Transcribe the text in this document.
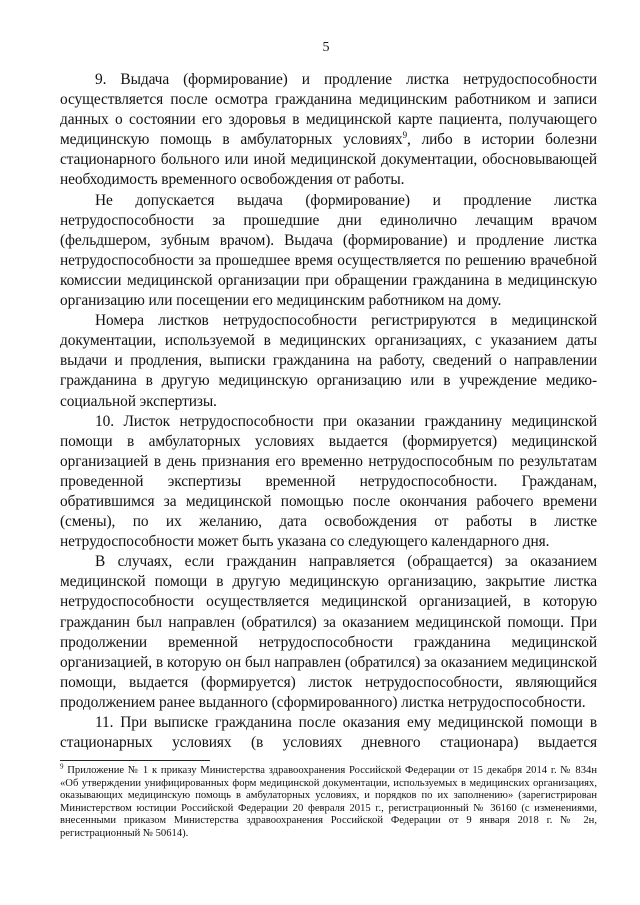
5

9. Выдача (формирование) и продление листка нетрудоспособности осуществляется после осмотра гражданина медицинским работником и записи данных о состоянии его здоровья в медицинской карте пациента, получающего медицинскую помощь в амбулаторных условиях$^9$, либо в истории болезни стационарного больного или иной медицинской документации, обосновывающей необходимость временного освобождения от работы.

Не допускается выдача (формирование) и продление листка нетрудоспособности за прошедшие дни единолично лечащим врачом (фельдшером, зубным врачом). Выдача (формирование) и продление листка нетрудоспособности за прошедшее время осуществляется по решению врачебной комиссии медицинской организации при обращении гражданина в медицинскую организацию или посещении его медицинским работником на дому.

Номера листков нетрудоспособности регистрируются в медицинской документации, используемой в медицинских организациях, с указанием даты выдачи и продления, выписки гражданина на работу, сведений о направлении гражданина в другую медицинскую организацию или в учреждение медико-социальной экспертизы.

10. Листок нетрудоспособности при оказании гражданину медицинской помощи в амбулаторных условиях выдается (формируется) медицинской организацией в день признания его временно нетрудоспособным по результатам проведенной экспертизы временной нетрудоспособности. Гражданам, обратившимся за медицинской помощью после окончания рабочего времени (смены), по их желанию, дата освобождения от работы в листке нетрудоспособности может быть указана со следующего календарного дня.

В случаях, если гражданин направляется (обращается) за оказанием медицинской помощи в другую медицинскую организацию, закрытие листка нетрудоспособности осуществляется медицинской организацией, в которую гражданин был направлен (обратился) за оказанием медицинской помощи. При продолжении временной нетрудоспособности гражданина медицинской организацией, в которую он был направлен (обратился) за оказанием медицинской помощи, выдается (формируется) листок нетрудоспособности, являющийся продолжением ранее выданного (сформированного) листка нетрудоспособности.

11. При выписке гражданина после оказания ему медицинской помощи в стационарных условиях (в условиях дневного стационара) выдается

$^9$ Приложение № 1 к приказу Министерства здравоохранения Российской Федерации от 15 декабря 2014 г. № 834н «Об утверждении унифицированных форм медицинской документации, используемых в медицинских организациях, оказывающих медицинскую помощь в амбулаторных условиях, и порядков по их заполнению» (зарегистрирован Министерством юстиции Российской Федерации 20 февраля 2015 г., регистрационный № 36160 (с изменениями, внесенными приказом Министерства здравоохранения Российской Федерации от 9 января 2018 г. № 2н, регистрационный № 50614).
